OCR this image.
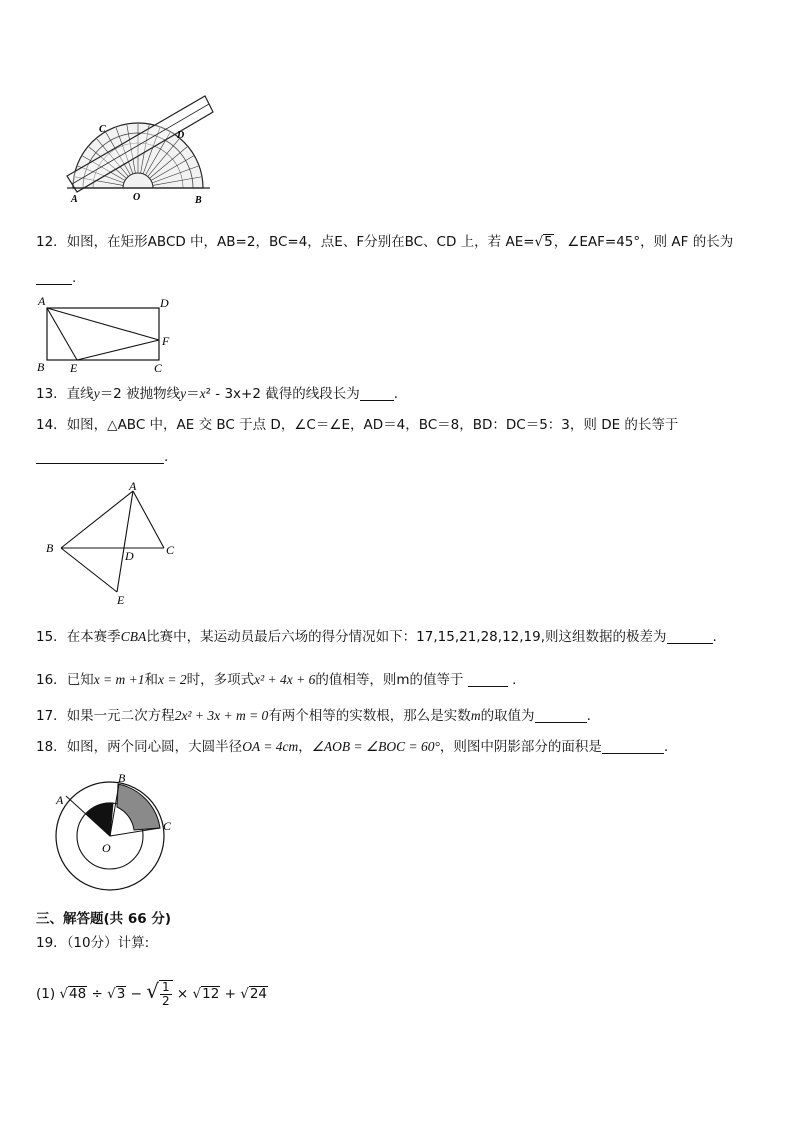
A	O	B
C
D
12．如图，在矩形ABCD 中，AB=2，BC=4，点E、F分别在BC、CD 上，若 AE=√5，∠EAF=45°，则 AF 的长为
.
A	D
F
B E	C
13．直线y＝2 被抛物线y＝x² - 3x+2 截得的线段长为	.
14．如图，△ABC 中，AE 交 BC 于点 D，∠C＝∠E，AD＝4，BC＝8，BD：DC＝5：3，则 DE 的长等于
.
A
B	C
D
E
15．在本赛季CBA比赛中，某运动员最后六场的得分情况如下：17,15,21,28,12,19,则这组数据的极差为	.
16．已知x = m +1和x = 2时，多项式x² + 4x + 6的值相等，则m的值等于	.
17．如果一元二次方程2x² + 3x + m = 0有两个相等的实数根，那么是实数m的取值为	.
18．如图，两个同心圆，大圆半径OA = 4cm，∠AOB = ∠BOC = 60°，则图中阴影部分的面积是	.
A
B
C
O
三、解答题(共 66 分)
19．（10分）计算:
(1) √48 ÷ √3 − √ $\frac{1}{2} \times √12 + √24$
